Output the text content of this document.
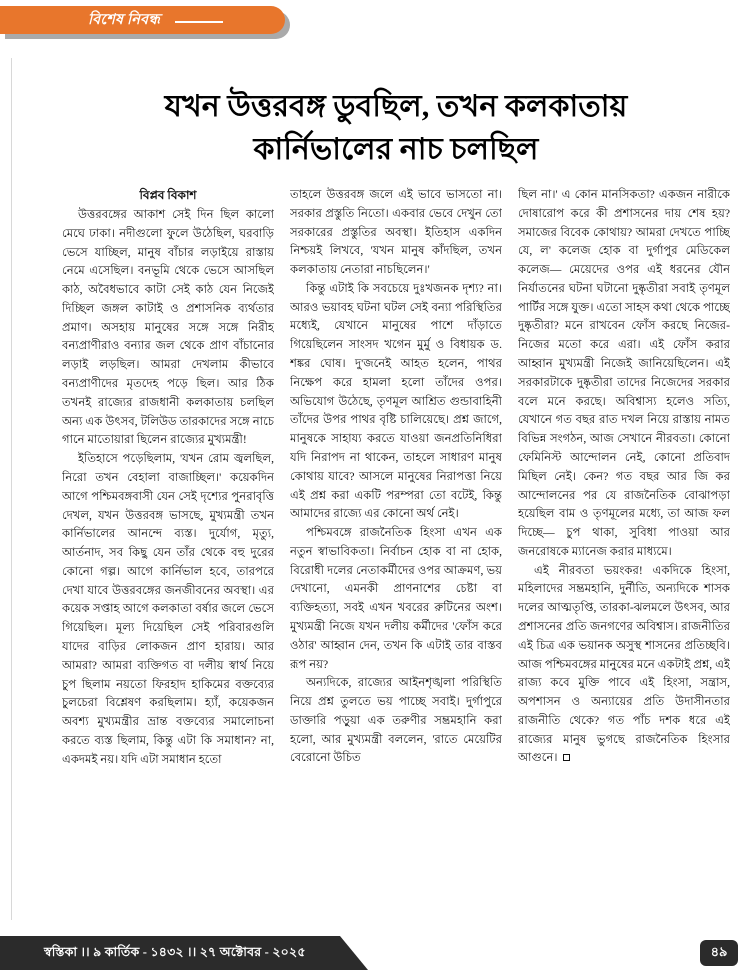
বিশেষ নিবন্ধ
যখন উত্তরবঙ্গ ডুবছিল, তখন কলকাতায়
কার্নিভালের নাচ চলছিল
বিপ্লব বিকাশ

উত্তরবঙ্গের আকাশ সেই দিন ছিল কালো মেঘে ঢাকা। নদীগুলো ফুলে উঠেছিল, ঘরবাড়ি ভেসে যাচ্ছিল, মানুষ বাঁচার লড়াইয়ে রাস্তায় নেমে এসেছিল। বনভূমি থেকে ভেসে আসছিল কাঠ, অবৈধভাবে কাটা সেই কাঠ যেন নিজেই দিচ্ছিল জঙ্গল কাটাই ও প্রশাসনিক ব্যর্থতার প্রমাণ। অসহায় মানুষের সঙ্গে সঙ্গে নিরীহ বন্যপ্রাণীরাও বন্যার জল থেকে প্রাণ বাঁচানোর লড়াই লড়ছিল। আমরা দেখলাম কীভাবে বন্যপ্রাণীদের মৃতদেহ পড়ে ছিল। আর ঠিক তখনই রাজ্যের রাজধানী কলকাতায় চলছিল অন্য এক উৎসব, টলিউড তারকাদের সঙ্গে নাচে গানে মাতোয়ারা ছিলেন রাজ্যের মুখ্যমন্ত্রী!

ইতিহাসে পড়েছিলাম, 'যখন রোম জ্বলছিল, নিরো তখন বেহালা বাজাচ্ছিল।' কয়েকদিন আগে পশ্চিমবঙ্গবাসী যেন সেই দৃশ্যের পুনরাবৃত্তি দেখল, যখন উত্তরবঙ্গ ভাসছে, মুখ্যমন্ত্রী তখন কার্নিভালের আনন্দে ব্যস্ত। দুর্যোগ, মৃত্যু, আর্তনাদ, সব কিছু যেন তাঁর থেকে বহু দুরের কোনো গল্প। আগে কার্নিভাল হবে, তারপরে দেখা যাবে উত্তরবঙ্গের জনজীবনের অবস্থা। এর কয়েক সপ্তাহ আগে কলকাতা বর্ষার জলে ভেসে গিয়েছিল। মূল্য দিয়েছিল সেই পরিবারগুলি যাদের বাড়ির লোকজন প্রাণ হারায়। আর আমরা? আমরা ব্যক্তিগত বা দলীয় স্বার্থ নিয়ে চুপ ছিলাম নয়তো ফিরহাদ হাকিমের বক্তব্যের চুলচেরা বিশ্লেষণ করছিলাম। হ্যাঁ, কয়েকজন অবশ্য মুখ্যমন্ত্রীর ভ্রান্ত বক্তব্যের সমালোচনা করতে ব্যস্ত ছিলাম, কিন্তু এটা কি সমাধান? না, একদমই নয়। যদি এটা সমাধান হতো

তাহলে উত্তরবঙ্গ জলে এই ভাবে ভাসতো না। সরকার প্রস্তুতি নিতো। একবার ভেবে দেখুন তো সরকারের প্রস্তুতির অবস্থা। ইতিহাস একদিন নিশ্চয়ই লিখবে, 'যখন মানুষ কাঁদছিল, তখন কলকাতায় নেতারা নাচছিলেন।'

কিন্তু এটাই কি সবচেয়ে দুঃখজনক দৃশ্য? না। আরও ভয়াবহ ঘটনা ঘটল সেই বন্যা পরিস্থিতির মধ্যেই, যেখানে মানুষের পাশে দাঁড়াতে গিয়েছিলেন সাংসদ খগেন মুর্মু ও বিধায়ক ড. শঙ্কর ঘোষ। দু'জনেই আহত হলেন, পাথর নিক্ষেপ করে হামলা হলো তাঁদের ওপর। অভিযোগ উঠেছে, তৃণমূল আশ্রিত গুন্ডাবাহিনী তাঁদের উপর পাথর বৃষ্টি চালিয়েছে। প্রশ্ন জাগে, মানুষকে সাহায্য করতে যাওয়া জনপ্রতিনিধিরা যদি নিরাপদ না থাকেন, তাহলে সাধারণ মানুষ কোথায় যাবে? আসলে মানুষের নিরাপত্তা নিয়ে এই প্রশ্ন করা একটি পরম্পরা তো বটেই, কিন্তু আমাদের রাজ্যে এর কোনো অর্থ নেই।

পশ্চিমবঙ্গে রাজনৈতিক হিংসা এখন এক নতুন স্বাভাবিকতা। নির্বাচন হোক বা না হোক, বিরোধী দলের নেতাকর্মীদের ওপর আক্রমণ, ভয় দেখানো, এমনকী প্রাণনাশের চেষ্টা বা ব্যক্তিহত্যা, সবই এখন খবরের রুটিনের অংশ। মুখ্যমন্ত্রী নিজে যখন দলীয় কর্মীদের 'ফোঁস করে ওঠার' আহ্বান দেন, তখন কি এটাই তার বাস্তব রূপ নয়?

অন্যদিকে, রাজ্যের আইনশৃঙ্খলা পরিস্থিতি নিয়ে প্রশ্ন তুলতে ভয় পাচ্ছে সবাই। দুর্গাপুরে ডাক্তারি পড়ুয়া এক তরুণীর সম্ভ্রমহানি করা হলো, আর মুখ্যমন্ত্রী বললেন, 'রাতে মেয়েটির বেরোনো উচিত

ছিল না।' এ কোন মানসিকতা? একজন নারীকে দোষারোপ করে কী প্রশাসনের দায় শেষ হয়? সমাজের বিবেক কোথায়? আমরা দেখতে পাচ্ছি যে, ল' কলেজ হোক বা দুর্গাপুর মেডিকেল কলেজ— মেয়েদের ওপর এই ধরনের যৌন নির্যাতনের ঘটনা ঘটানো দুষ্কৃতীরা সবাই তৃণমূল পার্টির সঙ্গে যুক্ত। এতো সাহস কথা থেকে পাচ্ছে দুষ্কৃতীরা? মনে রাখবেন ফোঁস করছে নিজের-নিজের মতো করে এরা। এই ফোঁস করার আহ্বান মুখ্যমন্ত্রী নিজেই জানিয়েছিলেন। এই সরকারটাকে দুষ্কৃতীরা তাদের নিজেদের সরকার বলে মনে করছে। অবিশ্বাস্য হলেও সত্যি, যেখানে গত বছর রাত দখল নিয়ে রাস্তায় নামত বিভিন্ন সংগঠন, আজ সেখানে নীরবতা। কোনো ফেমিনিস্ট আন্দোলন নেই, কোনো প্রতিবাদ মিছিল নেই। কেন? গত বছর আর জি কর আন্দোলনের পর যে রাজনৈতিক বোঝাপড়া হয়েছিল বাম ও তৃণমূলের মধ্যে, তা আজ ফল দিচ্ছে— চুপ থাকা, সুবিধা পাওয়া আর জনরোষকে ম্যানেজ করার মাধ্যমে।

এই নীরবতা ভয়ংকর! একদিকে হিংসা, মহিলাদের সম্ভ্রমহানি, দুর্নীতি, অন্যদিকে শাসক দলের আত্মতৃপ্তি, তারকা-ঝলমলে উৎসব, আর প্রশাসনের প্রতি জনগণের অবিশ্বাস। রাজনীতির এই চিত্র এক ভয়ানক অসুস্থ শাসনের প্রতিচ্ছবি। আজ পশ্চিমবঙ্গের মানুষের মনে একটাই প্রশ্ন, এই রাজ্য কবে মুক্তি পাবে এই হিংসা, সন্ত্রাস, অপশাসন ও অন্যায়ের প্রতি উদাসীনতার রাজনীতি থেকে? গত পাঁচ দশক ধরে এই রাজ্যের মানুষ ভুগছে রাজনৈতিক হিংসার আগুনে।

স্বস্তিকা ।। ৯ কার্তিক - ১৪৩২ ।। ২৭ অক্টোবর - ২০২৫	৪৯
